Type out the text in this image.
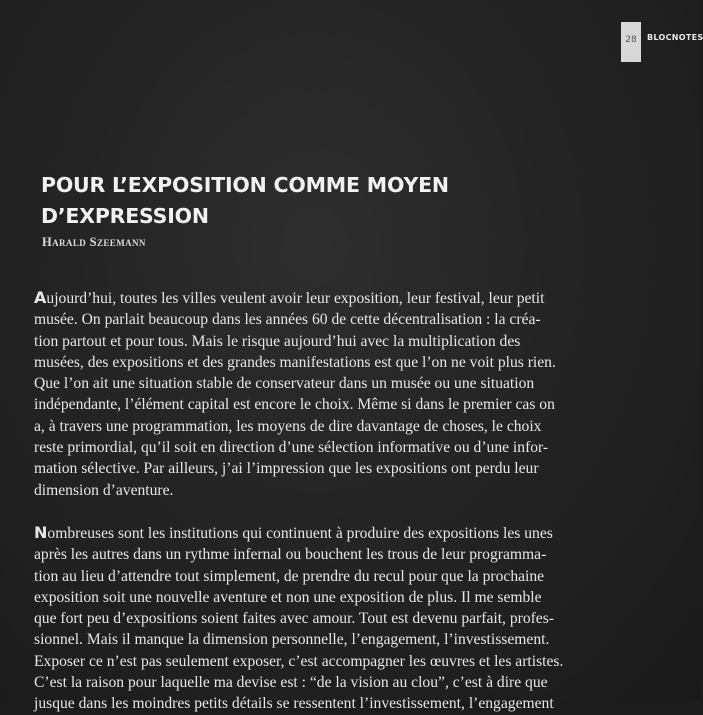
28	BLOCNOTES
POUR L’EXPOSITION COMME MOYEN
D’EXPRESSION
Harald Szeemann

Aujourd’hui, toutes les villes veulent avoir leur exposition, leur festival, leur petit
musée. On parlait beaucoup dans les années 60 de cette décentralisation : la créa-
tion partout et pour tous. Mais le risque aujourd’hui avec la multiplication des
musées, des expositions et des grandes manifestations est que l’on ne voit plus rien.
Que l’on ait une situation stable de conservateur dans un musée ou une situation
indépendante, l’élément capital est encore le choix. Même si dans le premier cas on
a, à travers une programmation, les moyens de dire davantage de choses, le choix
reste primordial, qu’il soit en direction d’une sélection informative ou d’une infor-
mation sélective. Par ailleurs, j’ai l’impression que les expositions ont perdu leur
dimension d’aventure.

Nombreuses sont les institutions qui continuent à produire des expositions les unes
après les autres dans un rythme infernal ou bouchent les trous de leur programma-
tion au lieu d’attendre tout simplement, de prendre du recul pour que la prochaine
exposition soit une nouvelle aventure et non une exposition de plus. Il me semble
que fort peu d’expositions soient faites avec amour. Tout est devenu parfait, profes-
sionnel. Mais il manque la dimension personnelle, l’engagement, l’investissement.
Exposer ce n’est pas seulement exposer, c’est accompagner les œuvres et les artistes.
C’est la raison pour laquelle ma devise est : “de la vision au clou”, c’est à dire que
jusque dans les moindres petits détails se ressentent l’investissement, l’engagement
